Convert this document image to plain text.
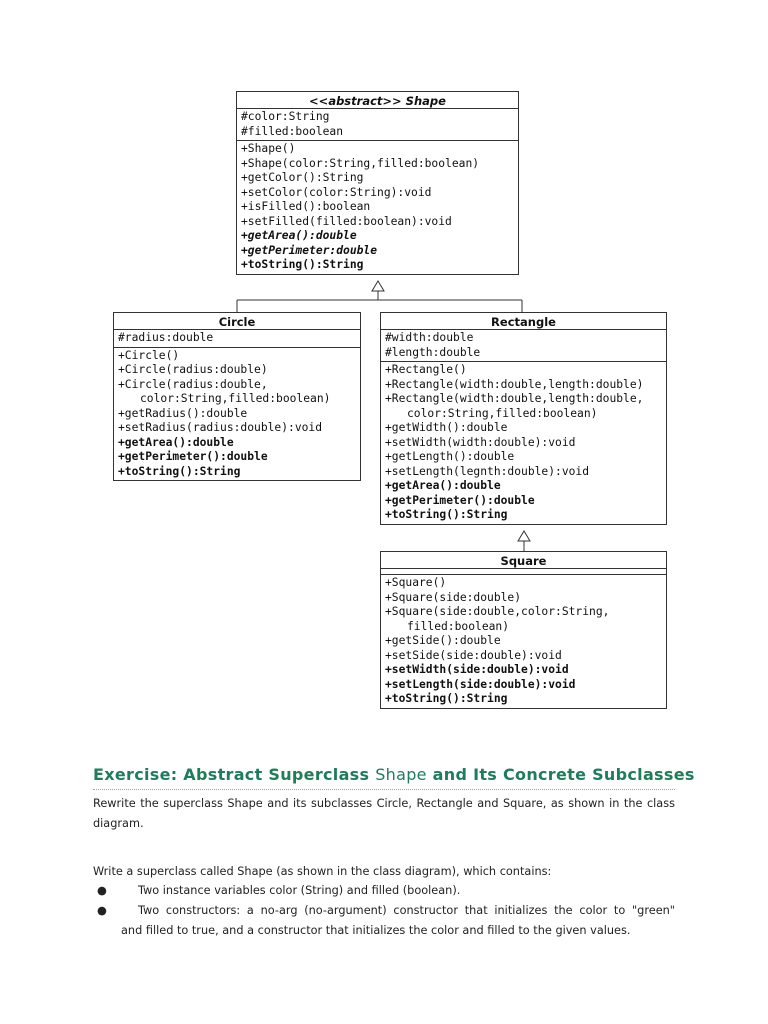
<<abstract>> Shape
#color:String
#filled:boolean
+Shape()
+Shape(color:String,filled:boolean)
+getColor():String
+setColor(color:String):void
+isFilled():boolean
+setFilled(filled:boolean):void
+getArea():double
+getPerimeter:double
+toString():String
Circle
#radius:double
+Circle()
+Circle(radius:double)
+Circle(radius:double,
color:String,filled:boolean)
+getRadius():double
+setRadius(radius:double):void
+getArea():double
+getPerimeter():double
+toString():String
Rectangle
#width:double
#length:double
+Rectangle()
+Rectangle(width:double,length:double)
+Rectangle(width:double,length:double,
color:String,filled:boolean)
+getWidth():double
+setWidth(width:double):void
+getLength():double
+setLength(legnth:double):void
+getArea():double
+getPerimeter():double
+toString():String
Square
+Square()
+Square(side:double)
+Square(side:double,color:String,
filled:boolean)
+getSide():double
+setSide(side:double):void
+setWidth(side:double):void
+setLength(side:double):void
+toString():String
Exercise: Abstract Superclass Shape and Its Concrete Subclasses
Rewrite the superclass Shape and its subclasses Circle, Rectangle and Square, as shown in the class
diagram.
Write a superclass called Shape (as shown in the class diagram), which contains:
●	Two instance variables color (String) and filled (boolean).
●	Two constructors: a no-arg (no-argument) constructor that initializes the color to "green"
and filled to true, and a constructor that initializes the color and filled to the given values.
